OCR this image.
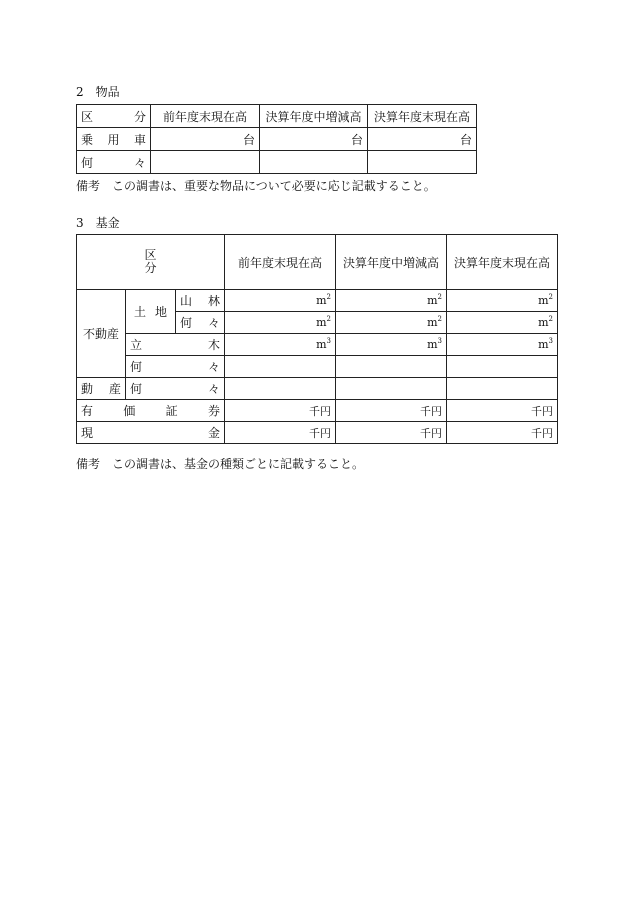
2　物品
区 分	前年度末現在高	決算年度中増減高	決算年度末現在高

乗 用 車	台	台	台

何 々			

備考　この調書は、重要な物品について必要に応じ記載すること。
3　基金
区
分			前年度末現在高	決算年度中増減高	決算年度末現在高
不動産	土 地	山 林	$m^2$	$m^2$	$m^2$

		何 々	$m^2$	$m^2$	$m^2$

	立 木		$m^3$	$m^3$	$m^3$

	何 々				

動 産	何 々				

有 価 証 券			千円	千円	千円

現 金			千円	千円	千円
備考　この調書は、基金の種類ごとに記載すること。
